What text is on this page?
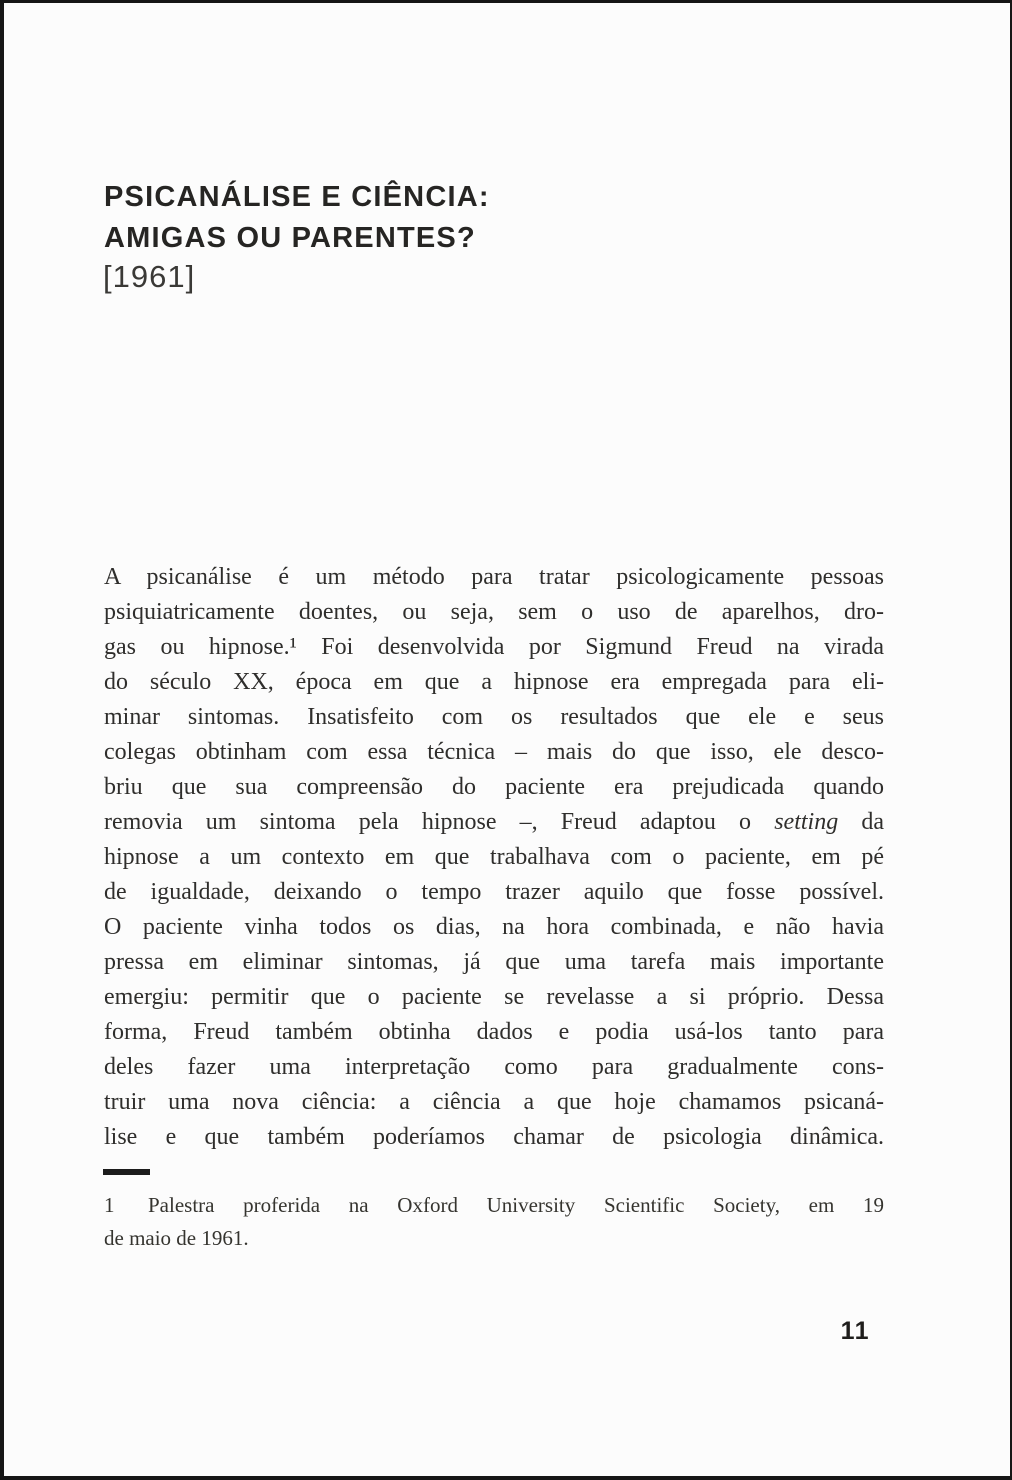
PSICANÁLISE E CIÊNCIA:
AMIGAS OU PARENTES?
[1961]
A psicanálise é um método para tratar psicologicamente pessoas
psiquiatricamente doentes, ou seja, sem o uso de aparelhos, dro-
gas ou hipnose.¹ Foi desenvolvida por Sigmund Freud na virada
do século XX, época em que a hipnose era empregada para eli-
minar sintomas. Insatisfeito com os resultados que ele e seus
colegas obtinham com essa técnica – mais do que isso, ele desco-
briu que sua compreensão do paciente era prejudicada quando
removia um sintoma pela hipnose –, Freud adaptou o setting da
hipnose a um contexto em que trabalhava com o paciente, em pé
de igualdade, deixando o tempo trazer aquilo que fosse possível.
O paciente vinha todos os dias, na hora combinada, e não havia
pressa em eliminar sintomas, já que uma tarefa mais importante
emergiu: permitir que o paciente se revelasse a si próprio. Dessa
forma, Freud também obtinha dados e podia usá-los tanto para
deles fazer uma interpretação como para gradualmente cons-
truir uma nova ciência: a ciência a que hoje chamamos psicaná-
lise e que também poderíamos chamar de psicologia dinâmica.
1 Palestra proferida na Oxford University Scientific Society, em 19
de maio de 1961.
11
